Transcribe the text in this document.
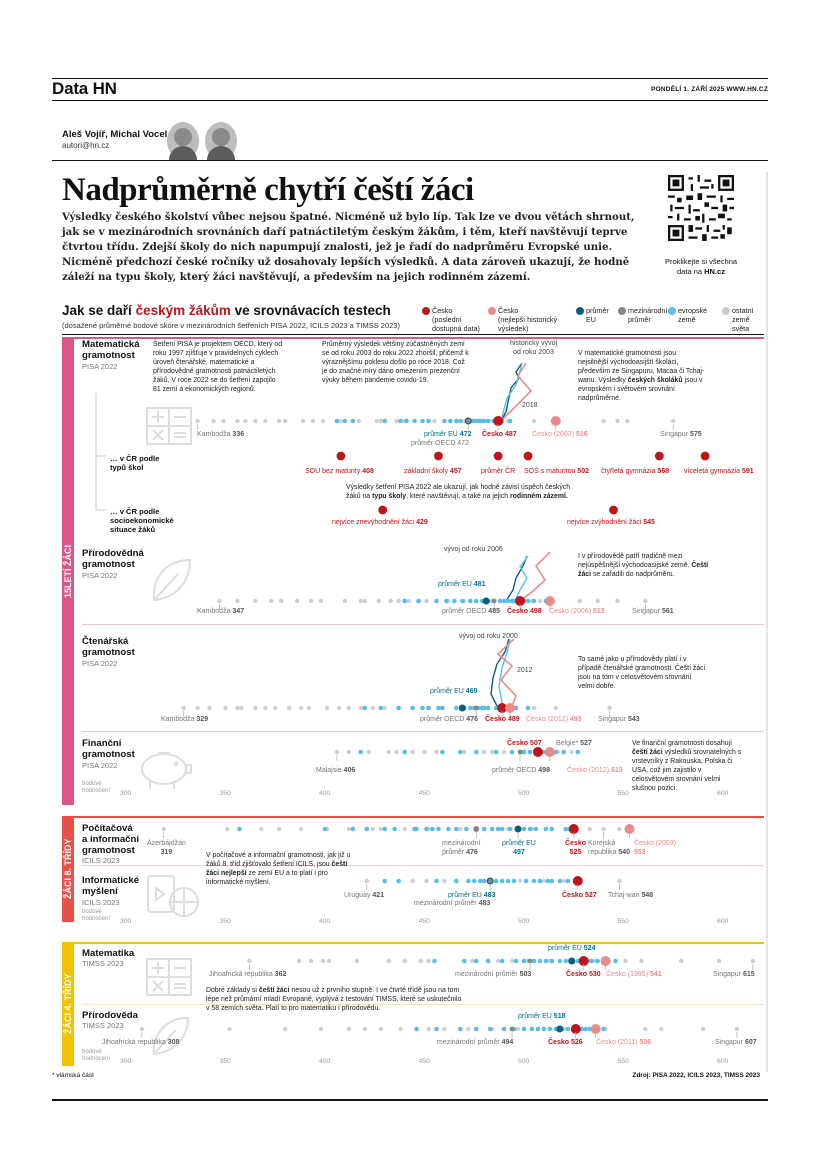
Data HN	PONDĚLÍ 1. ZÁŘÍ 2025 WWW.HN.CZ
Aleš Vojíř, Michal Vocel
autori@hn.cz
Nadprůměrně chytří čeští žáci
Výsledky českého školství vůbec nejsou špatné. Nicméně už bylo líp. Tak lze ve dvou větách shrnout, jak se v mezinárodních srovnáních daří patnáctiletým českým žákům, i těm, kteří navštěvují teprve čtvrtou třídu. Zdejší školy do nich napumpují znalosti, jež je řadí do nadprůměru Evropské unie. Nicméně předchozí české ročníky už dosahovaly lepších výsledků. A data zároveň ukazují, že hodně záleží na typu školy, který žáci navštěvují, a především na jejich rodinném zázemí.
Proklikejte si všechna
data na HN.cz
Jak se daří českým žákům ve srovnávacích testech
(dosažené průměrné bodové skóre v mezinárodních šetřeních PISA 2022, ICILS 2023 a TIMSS 2023)
Česko
(poslední
dostupná data)
Česko
(nejlepší historický
výsledek)
průměr
EU
mezinárodní
průměr
evropské
země
ostatní
země
světa
15LETÍ ŽÁCI
ŽÁCI 8. TŘÍDY
ŽÁCI 4. TŘÍDY
Matematická
gramotnost
PISA 2022
… v ČR podle
typů škol
… v ČR podle
socioekonomické
situace žáků
Přírodovědná
gramotnost
PISA 2022
Čtenářská
gramotnost
PISA 2022
Finanční
gramotnost
PISA 2022
Počítačová
a informační
gramotnost
ICILS 2023
Informatické
myšlení
ICILS 2023
Matematika
TIMSS 2023
Přírodověda
TIMSS 2023
Šetření PISA je projektem OECD, který od roku 1997 zjišťuje v pravidelných cyklech úroveň čtenářské, matematické a přírodovědné gramotnosti patnáctiletých žáků. V roce 2022 se do šetření zapojilo 81 zemí a ekonomických regionů.
Průměrný výsledek většiny zúčastněných zemí se od roku 2003 do roku 2022 zhoršil, přičemž k výraznějšímu poklesu došlo po roce 2018. Což je do značné míry dáno omezením prezenční výuky během pandemie covidu-19.
V matematické gramotnosti jsou nejsilnější východoasijští školáci, především ze Singapuru, Macaa či Tchaj-wanu. Výsledky českých školáků jsou v evropském i světovém srovnání nadprůměrné.
Výsledky šetření PISA 2022 ale ukazují, jak hodně závisí úspěch českých žáků na typu školy, které navštěvují, a také na jejich rodinném zázemí.
I v přírodovědě patří tradičně mezi nejúspěšnější východoasijské země. Čeští žáci se zařadili do nadprůměru.
To samé jako u přírodovědy platí i v případě čtenářské gramotnosti. Čeští žáci jsou na tom v celosvětovém srovnání velmi dobře.
Ve finanční gramotnosti dosahují čeští žáci výsledků srovnatelných s vrstevníky z Rakouska, Polska či USA, což jim zajistilo v celosvětovém srovnání velmi slušnou pozici.
V počítačové a informační gramotnosti, jak již u žáků 8. tříd zjišťovalo šetření ICILS, jsou čeští žáci nejlepší ze zemí EU a to platí i pro informatické myšlení.
Dobré základy si čeští žáci nesou už z prvního stupně. I ve čtvrté třídě jsou na tom lépe než průmární mladí Evropané, vyplývá z testování TIMSS, které se uskutečnilo v 58 zemích světa. Platí to pro matematiku i přírodovědu.
historický vývoj
od roku 2003
2018
Kambodža 336	průměr EU 472
průměr OECD 472
Česko 487 Česko (2003) 516	Singapur 575
SOU bez maturity 408	základní školy 457	průměr ČR SOŠ s maturitou 502 čtyřletá gymnázia 568 víceletá gymnázia 591
nejvíce znevýhodnění žáci 429	nejvíce zvýhodnění žáci 545
vývoj od roku 2006
průměr EU 481
Kambodža 347	průměr OECD 485 Česko 498 Česko (2006) 513	Singapur 561
vývoj od roku 2000
2012
průměr EU 469
Kambodža 329	průměr OECD 476 Česko 489 Česko (2012) 493 Singapur 543
Česko 507 Belgie* 527
Malajsie 406	průměr OECD 498 Česko (2012) 513
Ázerbájdžán
319
mezinárodní
průměr 476
průměr EU
497
Česko
525
Korejská
republika 540
Česko (2003)
553
Uruguay 421	průměr EU 483
mezinárodní průměr 483
Česko 527 Tchaj-wan 548
průměr EU 524
Jihoafrická republika 362	mezinárodní průměr 503	Česko 530 Česko (1995) 541	Singapur 615
průměr EU 518
Jihoafrická republika 308	mezinárodní průměr 494	Česko 526 Česko (2011) 536	Singapur 607
bodové
hodnocení 300	350	400	450	500	550	600
bodové
hodnocení 300	350	400	450	500	550	600
bodové
hodnocení 300	350	400	450	500	550	600
* vlámská část	Zdroj: PISA 2022, ICILS 2023, TIMSS 2023
